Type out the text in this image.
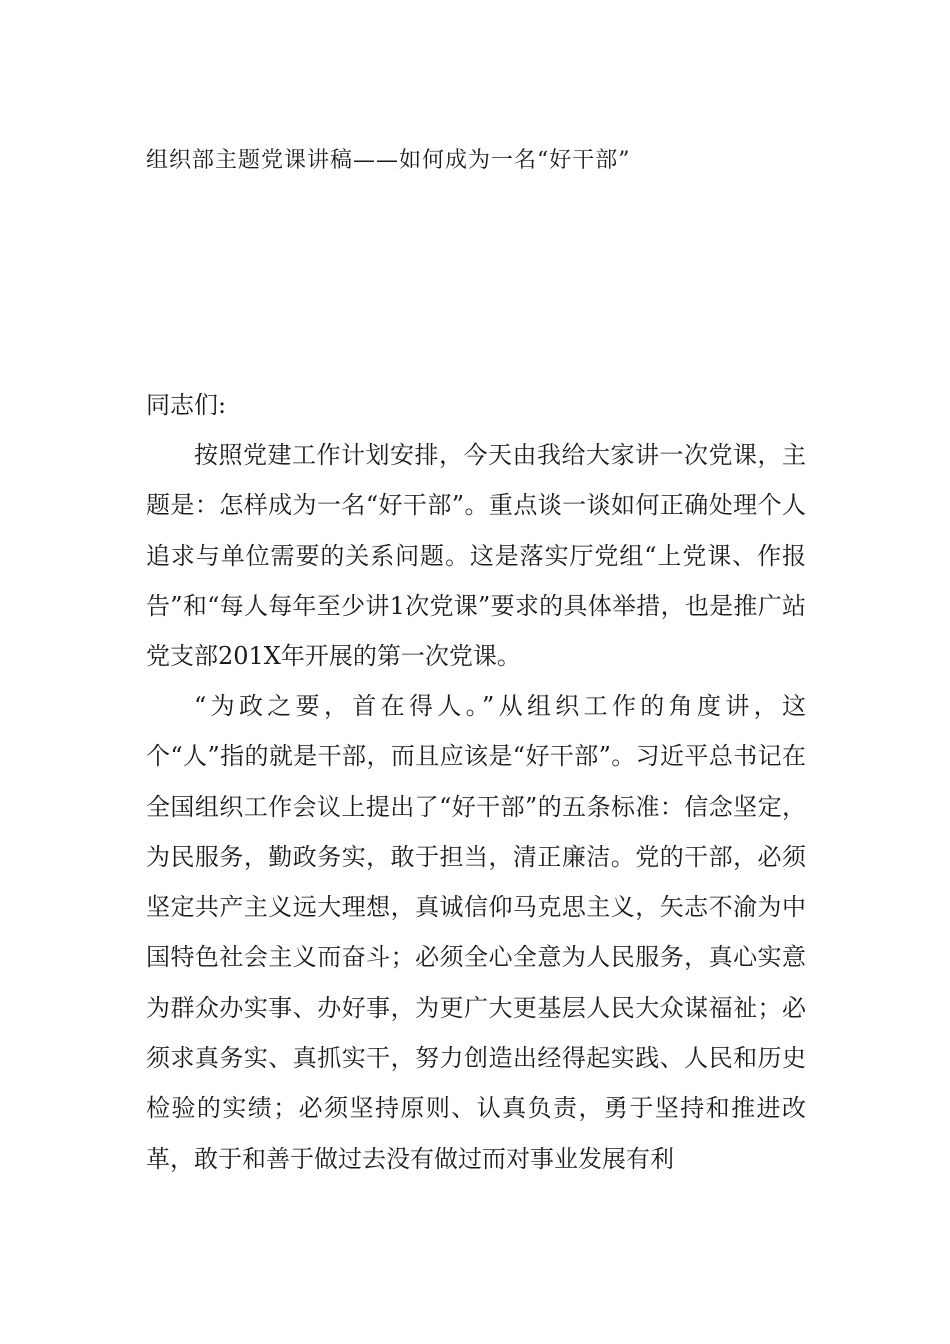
组织部主题党课讲稿——如何成为一名“好干部”
同志们:

按照党建工作计划安排，今天由我给大家讲一次党课，主题是：怎样成为一名“好干部”。重点谈一谈如何正确处理个人追求与单位需要的关系问题。这是落实厅党组“上党课、作报告”和“每人每年至少讲1次党课”要求的具体举措，也是推广站党支部201X年开展的第一次党课。

“为政之要，首在得人。”从组织工作的角度讲，这个“人”指的就是干部，而且应该是“好干部”。习近平总书记在全国组织工作会议上提出了“好干部”的五条标准：信念坚定，为民服务，勤政务实，敢于担当，清正廉洁。党的干部，必须坚定共产主义远大理想，真诚信仰马克思主义，矢志不渝为中国特色社会主义而奋斗；必须全心全意为人民服务，真心实意为群众办实事、办好事，为更广大更基层人民大众谋福祉；必须求真务实、真抓实干，努力创造出经得起实践、人民和历史检验的实绩；必须坚持原则、认真负责，勇于坚持和推进改革，敢于和善于做过去没有做过而对事业发展有利
